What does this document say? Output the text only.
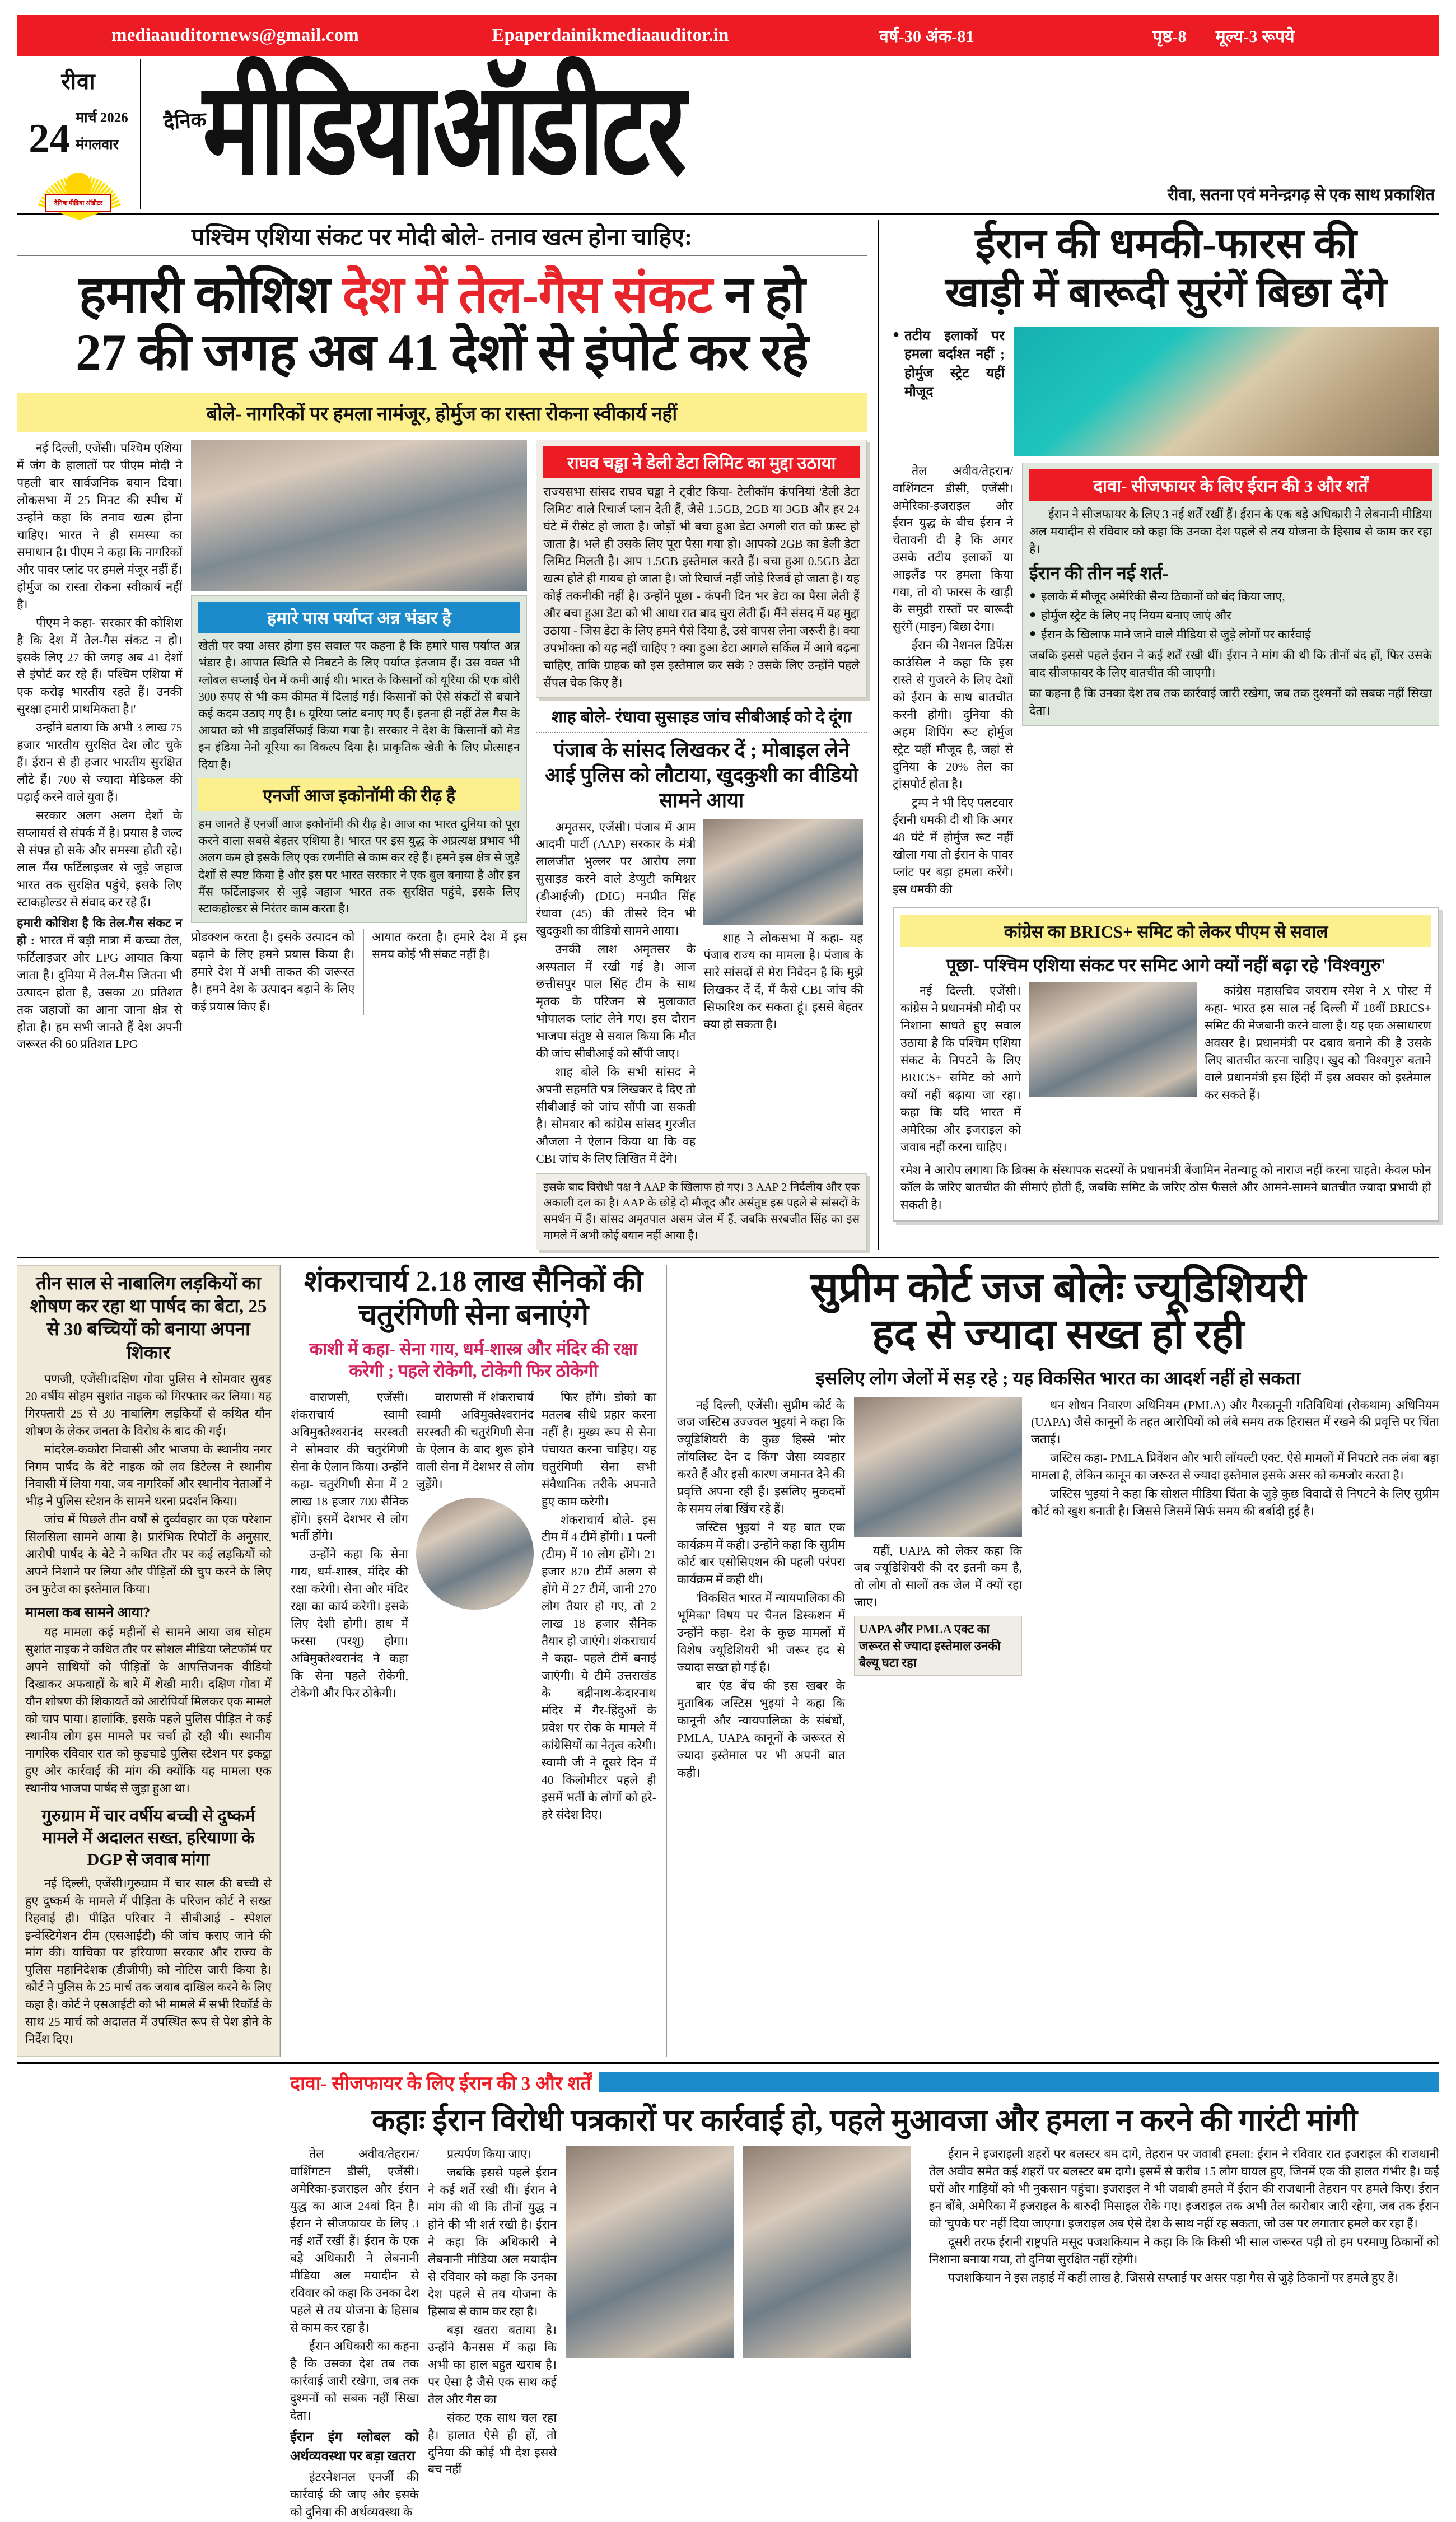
mediaauditornews@gmail.com	Epaperdainikmediaauditor.in	वर्ष-30 अंक-81	पृष्ठ-8 मूल्य-3 रूपये
रीवा
24 मार्च 2026
मंगलवार
दैनिक मीडिया ऑडीटर
दैनिक
मीडियाऑडीटर	रीवा, सतना एवं मनेन्द्रगढ़ से एक साथ प्रकाशित
पश्चिम एशिया संकट पर मोदी बोले- तनाव खत्म होना चाहिए:
हमारी कोशिश देश में तेल-गैस संकट न हो
27 की जगह अब 41 देशों से इंपोर्ट कर रहे
बोले- नागरिकों पर हमला नामंजूर, होर्मुज का रास्ता रोकना स्वीकार्य नहीं

नई दिल्ली, एजेंसी। पश्चिम एशिया में जंग के हालातों पर पीएम मोदी ने पहली बार सार्वजनिक बयान दिया। लोकसभा में 25 मिनट की स्पीच में उन्होंने कहा कि तनाव खत्म होना चाहिए। भारत ने ही समस्या का समाधान है। पीएम ने कहा कि नागरिकों और पावर प्लांट पर हमले मंजूर नहीं हैं। होर्मुज का रास्ता रोकना स्वीकार्य नहीं है।

पीएम ने कहा- 'सरकार की कोशिश है कि देश में तेल-गैस संकट न हो। इसके लिए 27 की जगह अब 41 देशों से इंपोर्ट कर रहे हैं। पश्चिम एशिया में एक करोड़ भारतीय रहते हैं। उनकी सुरक्षा हमारी प्राथमिकता है।'

उन्होंने बताया कि अभी 3 लाख 75 हजार भारतीय सुरक्षित देश लौट चुके हैं। ईरान से ही हजार भारतीय सुरक्षित लौटे हैं। 700 से ज्यादा मेडिकल की पढ़ाई करने वाले युवा हैं।

सरकार अलग अलग देशों के सप्लायर्स से संपर्क में है। प्रयास है जल्द से संपन्न हो सके और समस्या होती रहे। लाल मैंस फर्टिलाइजर से जुड़े जहाज भारत तक सुरक्षित पहुंचे, इसके लिए स्टाकहोल्डर से संवाद कर रहे हैं।

हमारी कोशिश है कि तेल-गैस संकट न हो : भारत में बड़ी मात्रा में कच्चा तेल, फर्टिलाइजर और LPG आयात किया जाता है। दुनिया में तेल-गैस जितना भी उत्पादन होता है, उसका 20 प्रतिशत तक जहाजों का आना जाना क्षेत्र से होता है। हम सभी जानते हैं देश अपनी जरूरत की 60 प्रतिशत LPG

हमारे पास पर्याप्त अन्न भंडार है
खेती पर क्या असर होगा इस सवाल पर कहना है कि हमारे पास पर्याप्त अन्न भंडार है। आपात स्थिति से निबटने के लिए पर्याप्त इंतजाम हैं। उस वक्त भी ग्लोबल सप्लाई चेन में कमी आई थी। भारत के किसानों को यूरिया की एक बोरी 300 रुपए से भी कम कीमत में दिलाई गई। किसानों को ऐसे संकटों से बचाने कई कदम उठाए गए है। 6 यूरिया प्लांट बनाए गए हैं। इतना ही नहीं तेल गैस के आयात को भी डाइवर्सिफाई किया गया है। सरकार ने देश के किसानों को मेड इन इंडिया नेनो यूरिया का विकल्प दिया है। प्राकृतिक खेती के लिए प्रोत्साहन दिया है।
एनर्जी आज इकोनॉमी की रीढ़ है
हम जानते हैं एनर्जी आज इकोनॉमी की रीढ़ है। आज का भारत दुनिया को पूरा करने वाला सबसे बेहतर एशिया है। भारत पर इस युद्ध के अप्रत्यक्ष प्रभाव भी अलग कम हो इसके लिए एक रणनीति से काम कर रहे हैं। हमने इस क्षेत्र से जुड़े देशों से स्पष्ट किया है और इस पर भारत सरकार ने एक बुल बनाया है और इन मैंस फर्टिलाइजर से जुड़े जहाज भारत तक सुरक्षित पहुंचे, इसके लिए स्टाकहोल्डर से निरंतर काम करता है।
प्रोडक्शन करता है। इसके उत्पादन को बढ़ाने के लिए हमने प्रयास किया है। हमारे देश में अभी ताकत की जरूरत है। हमने देश के उत्पादन बढ़ाने के लिए कई प्रयास किए हैं।
आयात करता है। हमारे देश में इस समय कोई भी संकट नहीं है।
राघव चड्ढा ने डेली डेटा लिमिट का मुद्दा उठाया
राज्यसभा सांसद राघव चड्ढा ने ट्वीट किया- टेलीकॉम कंपनियां 'डेली डेटा लिमिट' वाले रिचार्ज प्लान देती हैं, जैसे 1.5GB, 2GB या 3GB और हर 24 घंटे में रीसेट हो जाता है। जोड़ों भी बचा हुआ डेटा अगली रात को फ्रस्ट हो जाता है। भले ही उसके लिए पूरा पैसा गया हो। आपको 2GB का डेली डेटा लिमिट मिलती है। आप 1.5GB इस्तेमाल करते हैं। बचा हुआ 0.5GB डेटा खत्म होते ही गायब हो जाता है। जो रिचार्ज नहीं जोड़े रिजर्व हो जाता है। यह कोई तकनीकी नहीं है। उन्होंने पूछा - कंपनी दिन भर डेटा का पैसा लेती हैं और बचा हुआ डेटा को भी आधा रात बाद चुरा लेती हैं। मैंने संसद में यह मुद्दा उठाया - जिस डेटा के लिए हमने पैसे दिया है, उसे वापस लेना जरूरी है। क्या उपभोक्ता को यह नहीं चाहिए ? क्या हुआ डेटा आगले सर्किल में आगे बढ़ना चाहिए, ताकि ग्राहक को इस इस्तेमाल कर सके ? उसके लिए उन्होंने पहले सैंपल चेक किए हैं।
शाह बोले- रंधावा सुसाइड जांच सीबीआई को दे दूंगा
पंजाब के सांसद लिखकर दें ; मोबाइल लेने आई पुलिस को लौटाया, खुदकुशी का वीडियो सामने आया

अमृतसर, एजेंसी। पंजाब में आम आदमी पार्टी (AAP) सरकार के मंत्री लालजीत भुल्लर पर आरोप लगा सुसाइड करने वाले डेप्युटी कमिश्नर (डीआईजी) (DIG) मनप्रीत सिंह रंधावा (45) की तीसरे दिन भी खुदकुशी का वीडियो सामने आया।

उनकी लाश अमृतसर के अस्पताल में रखी गई है। आज छत्तीसपुर पाल सिंह टीम के साथ मृतक के परिजन से मुलाकात भोपालक प्लांट लेने गए। इस दौरान भाजपा संतुष्ट से सवाल किया कि मौत की जांच सीबीआई को सौंपी जाए।

शाह बोले कि सभी सांसद ने अपनी सहमति पत्र लिखकर दे दिए तो सीबीआई को जांच सौंपी जा सकती है। सोमवार को कांग्रेस सांसद गुरजीत औजला ने ऐलान किया था कि वह CBI जांच के लिए लिखित में देंगे।

शाह ने लोकसभा में कहा- यह पंजाब राज्य का मामला है। पंजाब के सारे सांसदों से मेरा निवेदन है कि मुझे लिखकर दें दें, मैं कैसे CBI जांच की सिफारिश कर सकता हूं। इससे बेहतर क्या हो सकता है।

इसके बाद विरोधी पक्ष ने AAP के खिलाफ हो गए। 3 AAP 2 निर्दलीय और एक अकाली दल का है। AAP के छोड़े दो मौजूद और असंतुष्ट इस पहले से सांसदों के समर्थन में हैं। सांसद अमृतपाल असम जेल में हैं, जबकि सरबजीत सिंह का इस मामले में अभी कोई बयान नहीं आया है।
ईरान की धमकी-फारस की
खाड़ी में बारूदी सुरंगें बिछा देंगे
● तटीय इलाकों पर हमला बर्दाश्त नहीं ; होर्मुज स्ट्रेट यहीं मौजूद

तेल अवीव/तेहरान/वाशिंगटन डीसी, एजेंसी। अमेरिका-इजराइल और ईरान युद्ध के बीच ईरान ने चेतावनी दी है कि अगर उसके तटीय इलाकों या आइलैंड पर हमला किया गया, तो वो फारस के खाड़ी के समुद्री रास्तों पर बारूदी सुरंगें (माइन) बिछा देगा।

ईरान की नेशनल डिफेंस काउंसिल ने कहा कि इस रास्ते से गुजरने के लिए देशों को ईरान के साथ बातचीत करनी होगी। दुनिया की अहम शिपिंग रूट होर्मुज स्ट्रेट यहीं मौजूद है, जहां से दुनिया के 20% तेल का ट्रांसपोर्ट होता है।

ट्रम्प ने भी दिए पलटवार ईरानी धमकी दी थी कि अगर 48 घंटे में होर्मुज रूट नहीं खोला गया तो ईरान के पावर प्लांट पर बड़ा हमला करेंगे। इस धमकी की

दावा- सीजफायर के लिए ईरान की 3 और शर्तें

ईरान ने सीजफायर के लिए 3 नई शर्तें रखीं हैं। ईरान के एक बड़े अधिकारी ने लेबनानी मीडिया अल मयादीन से रविवार को कहा कि उनका देश पहले से तय योजना के हिसाब से काम कर रहा है।

ईरान की तीन नई शर्त-
● इलाके में मौजूद अमेरिकी सैन्य ठिकानों को बंद किया जाए,
● होर्मुज स्ट्रेट के लिए नए नियम बनाए जाएं और
● ईरान के खिलाफ माने जाने वाले मीडिया से जुड़े लोगों पर कार्रवाई
जबकि इससे पहले ईरान ने कई शर्तें रखी थीं। ईरान ने मांग की थी कि तीनों बंद हों, फिर उसके बाद सीजफायर के लिए बातचीत की जाएगी।
का कहना है कि उनका देश तब तक कार्रवाई जारी रखेगा, जब तक दुश्मनों को सबक नहीं सिखा देता।
कांग्रेस का BRICS+ समिट को लेकर पीएम से सवाल
पूछा- पश्चिम एशिया संकट पर समिट आगे क्यों नहीं बढ़ा रहे 'विश्वगुरु'

नई दिल्ली, एजेंसी। कांग्रेस ने प्रधानमंत्री मोदी पर निशाना साधते हुए सवाल उठाया है कि पश्चिम एशिया संकट के निपटने के लिए BRICS+ समिट को आगे क्यों नहीं बढ़ाया जा रहा। कहा कि यदि भारत में अमेरिका और इजराइल को जवाब नहीं करना चाहिए।

कांग्रेस महासचिव जयराम रमेश ने X पोस्ट में कहा- भारत इस साल नई दिल्ली में 18वीं BRICS+ समिट की मेजबानी करने वाला है। यह एक असाधारण अवसर है। प्रधानमंत्री पर दबाव बनाने की है उसके लिए बातचीत करना चाहिए। खुद को 'विश्वगुरु' बताने वाले प्रधानमंत्री इस हिंदी में इस अवसर को इस्तेमाल कर सकते हैं।

रमेश ने आरोप लगाया कि ब्रिक्स के संस्थापक सदस्यों के प्रधानमंत्री बेंजामिन नेतन्याहू को नाराज नहीं करना चाहते। केवल फोन कॉल के जरिए बातचीत की सीमाएं होती हैं, जबकि समिट के जरिए ठोस फैसले और आमने-सामने बातचीत ज्यादा प्रभावी हो सकती है।
तीन साल से नाबालिग लड़कियों का शोषण कर रहा था पार्षद का बेटा, 25 से 30 बच्चियों को बनाया अपना शिकार

पणजी, एजेंसी।दक्षिण गोवा पुलिस ने सोमवार सुबह 20 वर्षीय सोहम सुशांत नाइक को गिरफ्तार कर लिया। यह गिरफ्तारी 25 से 30 नाबालिग लड़कियों से कथित यौन शोषण के लेकर जनता के विरोध के बाद की गई।

मांदरेल-ककोरा निवासी और भाजपा के स्थानीय नगर निगम पार्षद के बेटे नाइक को लव डिटेल्स ने स्थानीय निवासी में लिया गया, जब नागरिकों और स्थानीय नेताओं ने भीड़ ने पुलिस स्टेशन के सामने धरना प्रदर्शन किया।

जांच में पिछले तीन वर्षों से दुर्व्यवहार का एक परेशान सिलसिला सामने आया है। प्रारंभिक रिपोर्टों के अनुसार, आरोपी पार्षद के बेटे ने कथित तौर पर कई लड़कियों को अपने निशाने पर लिया और पीड़ितों की चुप करने के लिए उन फुटेज का इस्तेमाल किया।

मामला कब सामने आया?

यह मामला कई महीनों से सामने आया जब सोहम सुशांत नाइक ने कथित तौर पर सोशल मीडिया प्लेटफॉर्म पर अपने साथियों को पीड़ितों के आपत्तिजनक वीडियो दिखाकर अफवाहों के बारे में शेखी मारी। दक्षिण गोवा में यौन शोषण की शिकायतें को आरोपियों मिलकर एक मामले को चाप पाया। हालांकि, इसके पहले पुलिस पीड़ित ने कई स्थानीय लोग इस मामले पर चर्चा हो रही थी। स्थानीय नागरिक रविवार रात को कुडचाडे पुलिस स्टेशन पर इकट्ठा हुए और कार्रवाई की मांग की क्योंकि यह मामला एक स्थानीय भाजपा पार्षद से जुड़ा हुआ था।

गुरुग्राम में चार वर्षीय बच्ची से दुष्कर्म मामले में अदालत सख्त, हरियाणा के DGP से जवाब मांगा

नई दिल्ली, एजेंसी।गुरुग्राम में चार साल की बच्ची से हुए दुष्कर्म के मामले में पीड़िता के परिजन कोर्ट ने सख्त रिहवाई ही। पीड़ित परिवार ने सीबीआई - स्पेशल इन्वेस्टिगेशन टीम (एसआईटी) की जांच कराए जाने की मांग की। याचिका पर हरियाणा सरकार और राज्य के पुलिस महानिदेशक (डीजीपी) को नोटिस जारी किया है। कोर्ट ने पुलिस के 25 मार्च तक जवाब दाखिल करने के लिए कहा है। कोर्ट ने एसआईटी को भी मामले में सभी रिकॉर्ड के साथ 25 मार्च को अदालत में उपस्थित रूप से पेश होने के निर्देश दिए।

शंकराचार्य 2.18 लाख सैनिकों की चतुरंगिणी सेना बनाएंगे
काशी में कहा- सेना गाय, धर्म-शास्त्र और मंदिर की रक्षा करेगी ; पहले रोकेगी, टोकेगी फिर ठोकेगी

वाराणसी, एजेंसी। शंकराचार्य स्वामी अविमुक्तेश्वरानंद सरस्वती ने सोमवार की चतुरंगिणी सेना के ऐलान किया। उन्होंने कहा- चतुरंगिणी सेना में 2 लाख 18 हजार 700 सैनिक होंगे। इसमें देशभर से लोग भर्ती होंगे।

उन्होंने कहा कि सेना गाय, धर्म-शास्त्र, मंदिर की रक्षा करेगी। सेना और मंदिर रक्षा का कार्य करेगी। इसके लिए देशी होगी। हाथ में फरसा (परशु) होगा। अविमुक्तेश्वरानंद ने कहा कि सेना पहले रोकेगी, टोकेगी और फिर ठोकेगी।

वाराणसी में शंकराचार्य स्वामी अविमुक्तेश्वरानंद सरस्वती की चतुरंगिणी सेना के ऐलान के बाद शुरू होने वाली सेना में देशभर से लोग जुड़ेंगे।

फिर होंगे। डोको का मतलब सीधे प्रहार करना नहीं है। मुख्य रूप से सेना पंचायत करना चाहिए। यह चतुरंगिणी सेना सभी संवैधानिक तरीके अपनाते हुए काम करेगी।

शंकराचार्य बोले- इस टीम में 4 टीमें होंगी। 1 पत्नी (टीम) में 10 लोग होंगे। 21 हजार 870 टीमें अलग से होंगे में 27 टीमें, जानी 270 लोग तैयार हो गए, तो 2 लाख 18 हजार सैनिक तैयार हो जाएंगे। शंकराचार्य ने कहा- पहले टीमें बनाई जाएंगी। ये टीमें उत्तराखंड के बद्रीनाथ-केदारनाथ मंदिर में गैर-हिंदुओं के प्रवेश पर रोक के मामले में कांग्रेसियों का नेतृत्व करेगी। स्वामी जी ने दूसरे दिन में 40 किलोमीटर पहले ही इसमें भर्ती के लोगों को हरे-हरे संदेश दिए।

सुप्रीम कोर्ट जज बोलेः ज्यूडिशियरी
हद से ज्यादा सख्त हो रही
इसलिए लोग जेलों में सड़ रहे ; यह विकसित भारत का आदर्श नहीं हो सकता

नई दिल्ली, एजेंसी। सुप्रीम कोर्ट के जज जस्टिस उज्ज्वल भुइयां ने कहा कि ज्यूडिशियरी के कुछ हिस्से 'मोर लॉयलिस्ट देन द किंग' जैसा व्यवहार करते हैं और इसी कारण जमानत देने की प्रवृत्ति अपना रही हैं। इसलिए मुकदमों के समय लंबा खिंच रहे हैं।

जस्टिस भुइयां ने यह बात एक कार्यक्रम में कही। उन्होंने कहा कि सुप्रीम कोर्ट बार एसोसिएशन की पहली परंपरा कार्यक्रम में कही थी।

'विकसित भारत में न्यायपालिका की भूमिका' विषय पर चैनल डिस्कशन में उन्होंने कहा- देश के कुछ मामलों में विशेष ज्यूडिशियरी भी जरूर हद से ज्यादा सख्त हो गई है।

बार एंड बेंच की इस खबर के मुताबिक जस्टिस भुइयां ने कहा कि कानूनी और न्यायपालिका के संबंधों, PMLA, UAPA कानूनों के जरूरत से ज्यादा इस्तेमाल पर भी अपनी बात कही।

यहीं, UAPA को लेकर कहा कि जब ज्यूडिशियरी की दर इतनी कम है, तो लोग तो सालों तक जेल में क्यों रहा जाए।

UAPA और PMLA एक्ट का जरूरत से ज्यादा इस्तेमाल उनकी बैल्यू घटा रहा

धन शोधन निवारण अधिनियम (PMLA) और गैरकानूनी गतिविधियां (रोकथाम) अधिनियम (UAPA) जैसे कानूनों के तहत आरोपियों को लंबे समय तक हिरासत में रखने की प्रवृत्ति पर चिंता जताई।

जस्टिस कहा- PMLA प्रिवेंशन और भारी लॉयल्टी एक्ट, ऐसे मामलों में निपटारे तक लंबा बड़ा मामला है, लेकिन कानून का जरूरत से ज्यादा इस्तेमाल इसके असर को कमजोर करता है।

जस्टिस भुइयां ने कहा कि सोशल मीडिया चिंता के जुड़े कुछ विवादों से निपटने के लिए सुप्रीम कोर्ट को खुश बनाती है। जिससे जिसमें सिर्फ समय की बर्बादी हुई है।

दावा- सीजफायर के लिए ईरान की 3 और शर्तें
कहाः ईरान विरोधी पत्रकारों पर कार्रवाई हो, पहले मुआवजा और हमला न करने की गारंटी मांगी

तेल अवीव/तेहरान/वाशिंगटन डीसी, एजेंसी। अमेरिका-इजराइल और ईरान युद्ध का आज 24वां दिन है। ईरान ने सीजफायर के लिए 3 नई शर्तें रखीं हैं। ईरान के एक बड़े अधिकारी ने लेबनानी मीडिया अल मयादीन से रविवार को कहा कि उनका देश पहले से तय योजना के हिसाब से काम कर रहा है।

ईरान अधिकारी का कहना है कि उसका देश तब तक कार्रवाई जारी रखेगा, जब तक दुश्मनों को सबक नहीं सिखा देता।

ईरान इंग ग्लोबल को अर्थव्यवस्था पर बड़ा खतरा

इंटरनेशनल एनर्जी की कार्रवाई की जाए और इसके को दुनिया की अर्थव्यवस्था के

प्रत्यर्पण किया जाए।

जबकि इससे पहले ईरान ने कई शर्तें रखी थीं। ईरान ने मांग की थी कि तीनों युद्ध न होने की भी शर्त रखी है। ईरान ने कहा कि अधिकारी ने लेबनानी मीडिया अल मयादीन से रविवार को कहा कि उनका देश पहले से तय योजना के हिसाब से काम कर रहा है।

बड़ा खतरा बताया है। उन्होंने कैनसस में कहा कि अभी का हाल बहुत खराब है। पर ऐसा है जैसे एक साथ कई तेल और गैस का

संकट एक साथ चल रहा है। हालात ऐसे ही हों, तो दुनिया की कोई भी देश इससे बच नहीं

ईरान ने इजराइली शहरों पर बलस्टर बम दागे, तेहरान पर जवाबी हमला: ईरान ने रविवार रात इजराइल की राजधानी तेल अवीव समेत कई शहरों पर बलस्टर बम दागे। इसमें से करीब 15 लोग घायल हुए, जिनमें एक की हालत गंभीर है। कई घरों और गाड़ियों को भी नुकसान पहुंचा। इजराइल ने भी जवाबी हमले में ईरान की राजधानी तेहरान पर हमले किए। ईरान इन बोंबे, अमेरिका में इजराइल के बारुदी मिसाइल रोके गए। इजराइल तक अभी तेल कारोबार जारी रहेगा, जब तक ईरान को 'चुपके पर' नहीं दिया जाएगा। इजराइल अब ऐसे देश के साथ नहीं रह सकता, जो उस पर लगातार हमले कर रहा हैं।

दूसरी तरफ ईरानी राष्ट्रपति मसूद पजशकियान ने कहा कि कि किसी भी साल जरूरत पड़ी तो हम परमाणु ठिकानों को निशाना बनाया गया, तो दुनिया सुरक्षित नहीं रहेगी।

पजशकियान ने इस लड़ाई में कहीं लाख है, जिससे सप्लाई पर असर पड़ा गैस से जुड़े ठिकानों पर हमले हुए हैं।
